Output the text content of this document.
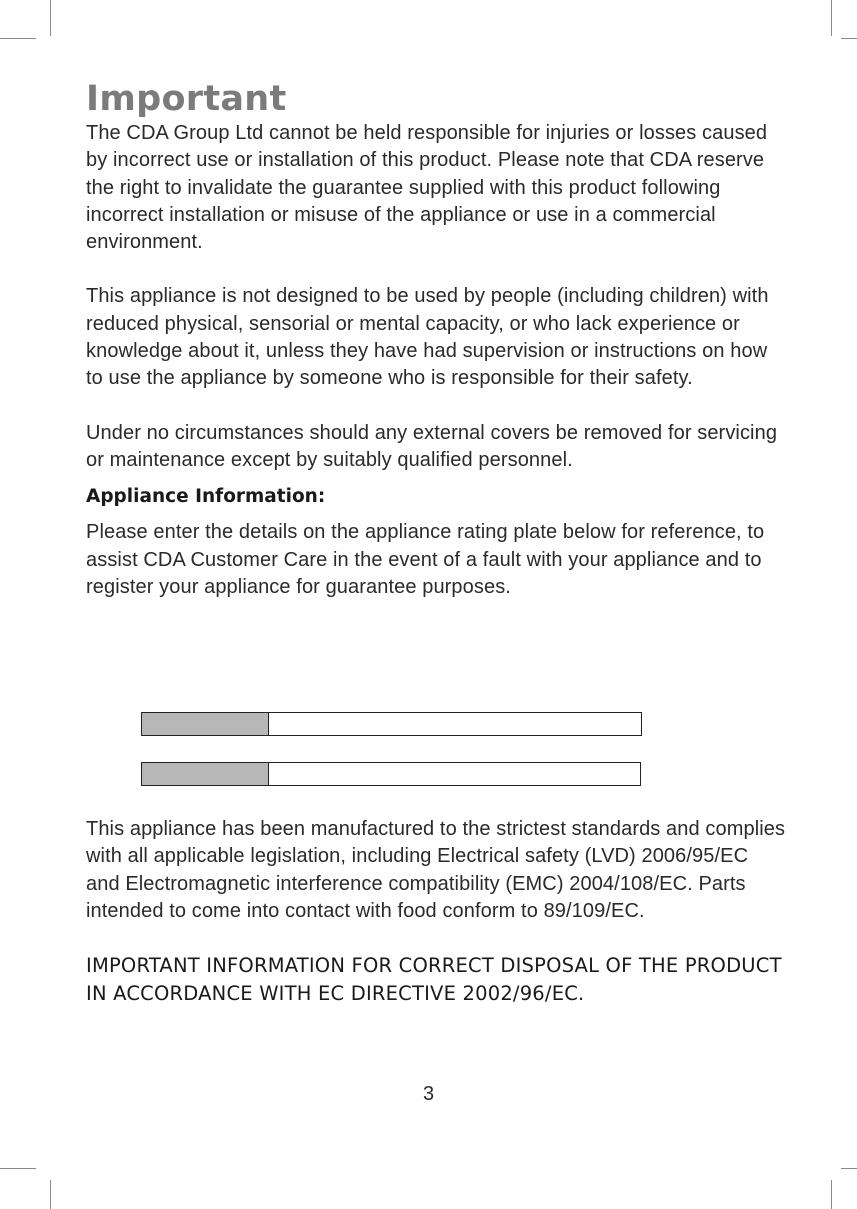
Important

The CDA Group Ltd cannot be held responsible for injuries or losses caused by incorrect use or installation of this product. Please note that CDA reserve the right to invalidate the guarantee supplied with this product following incorrect installation or misuse of the appliance or use in a commercial environment.

This appliance is not designed to be used by people (including children) with reduced physical, sensorial or mental capacity, or who lack experience or knowledge about it, unless they have had supervision or instructions on how to use the appliance by someone who is responsible for their safety.

Under no circumstances should any external covers be removed for servicing or maintenance except by suitably qualified personnel.

Appliance Information:

Please enter the details on the appliance rating plate below for reference, to assist CDA Customer Care in the event of a fault with your appliance and to register your appliance for guarantee purposes.

This appliance has been manufactured to the strictest standards and complies with all applicable legislation, including Electrical safety (LVD) 2006/95/EC and Electromagnetic interference compatibility (EMC) 2004/108/EC. Parts intended to come into contact with food conform to 89/109/EC.

IMPORTANT INFORMATION FOR CORRECT DISPOSAL OF THE PRODUCT IN ACCORDANCE WITH EC DIRECTIVE 2002/96/EC.

3
